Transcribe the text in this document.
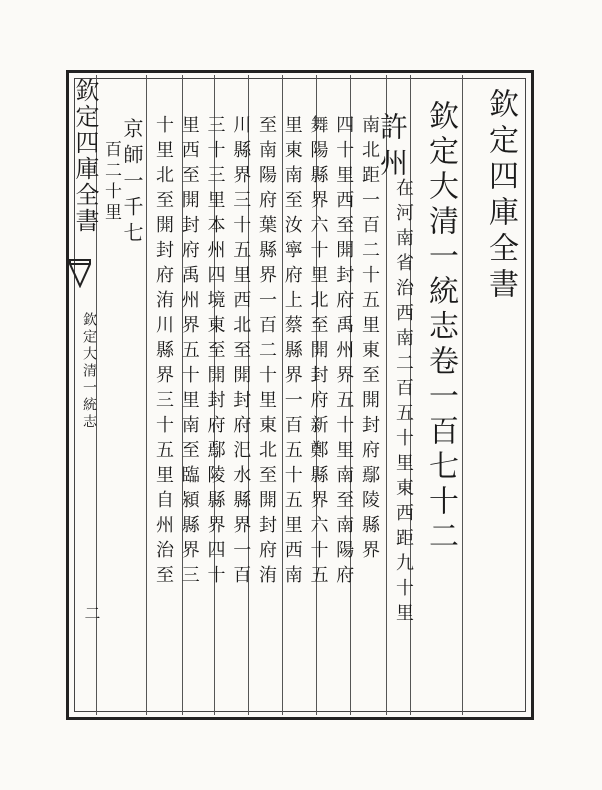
欽定四庫全書
欽定大清一統志
二
欽定四庫全書
欽定大清一統志卷一百七十二
許州
在河南省治西南二百五十里東西距九十里
南北距一百二十五里東至開封府鄢陵縣界
四十里西至開封府禹州界五十里南至南陽府
舞陽縣界六十里北至開封府新鄭縣界六十五
里東南至汝寧府上蔡縣界一百五十五里西南
至南陽府葉縣界一百二十里東北至開封府洧
川縣界三十五里西北至開封府汜水縣界一百
三十三里本州四境東至開封府鄢陵縣界四十
里西至開封府禹州界五十里南至臨潁縣界三
京師一千七
百二十里 十里北至開封府洧川縣界三十五里自州治至
